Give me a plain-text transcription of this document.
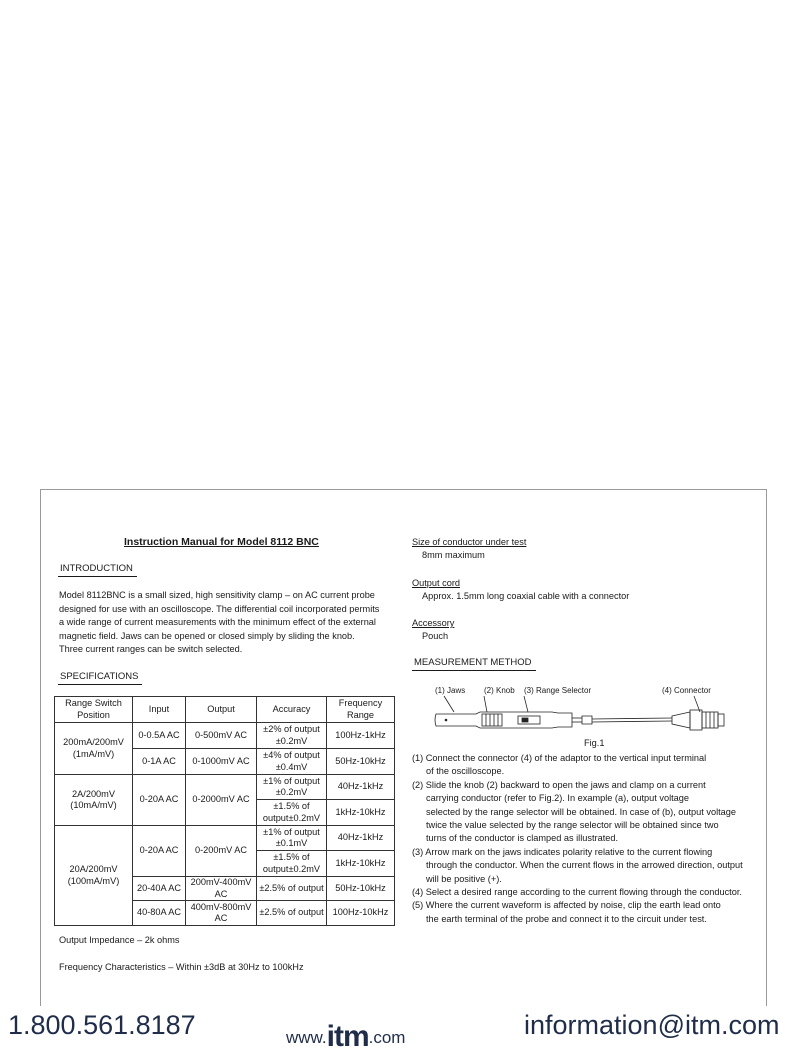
Instruction Manual for Model 8112 BNC
INTRODUCTION
Model 8112BNC is a small sized, high sensitivity clamp – on AC current probe
designed for use with an oscilloscope. The differential coil incorporated permits
a wide range of current measurements with the minimum effect of the external
magnetic field. Jaws can be opened or closed simply by sliding the knob.
Three current ranges can be switch selected.
SPECIFICATIONS
Range Switch Position	Input	Output	Accuracy	Frequency Range
200mA/200mV (1mA/mV)	0-0.5A AC	0-500mV AC	±2% of output ±0.2mV	100Hz-1kHz
	0-1A AC	0-1000mV AC	±4% of output ±0.4mV	50Hz-10kHz
2A/200mV (10mA/mV)	0-20A AC	0-2000mV AC	±1% of output ±0.2mV	40Hz-1kHz
			±1.5% of output±0.2mV	1kHz-10kHz
20A/200mV (100mA/mV)	0-20A AC	0-200mV AC	±1% of output ±0.1mV	40Hz-1kHz
			±1.5% of output±0.2mV	1kHz-10kHz
	20-40A AC	200mV-400mV AC	±2.5% of output	50Hz-10kHz
	40-80A AC	400mV-800mV AC	±2.5% of output	100Hz-10kHz
Output Impedance – 2k ohms
Frequency Characteristics – Within ±3dB at 30Hz to 100kHz
Size of conductor under test
8mm maximum
Output cord
Approx. 1.5mm long coaxial cable with a connector
Accessory
Pouch
MEASUREMENT METHOD
(1) Jaws (2) Knob (3) Range Selector	(4) Connector
Fig.1
(1) Connect the connector (4) of the adaptor to the vertical input terminal
of the oscilloscope.
(2) Slide the knob (2) backward to open the jaws and clamp on a current
carrying conductor (refer to Fig.2). In example (a), output voltage
selected by the range selector will be obtained. In case of (b), output voltage
twice the value selected by the range selector will be obtained since two
turns of the conductor is clamped as illustrated.
(3) Arrow mark on the jaws indicates polarity relative to the current flowing
through the conductor. When the current flows in the arrowed direction, output
will be positive (+).
(4) Select a desired range according to the current flowing through the conductor.
(5) Where the current waveform is affected by noise, clip the earth lead onto
the earth terminal of the probe and connect it to the circuit under test.
1.800.561.8187	www.itm.com	information@itm.com
